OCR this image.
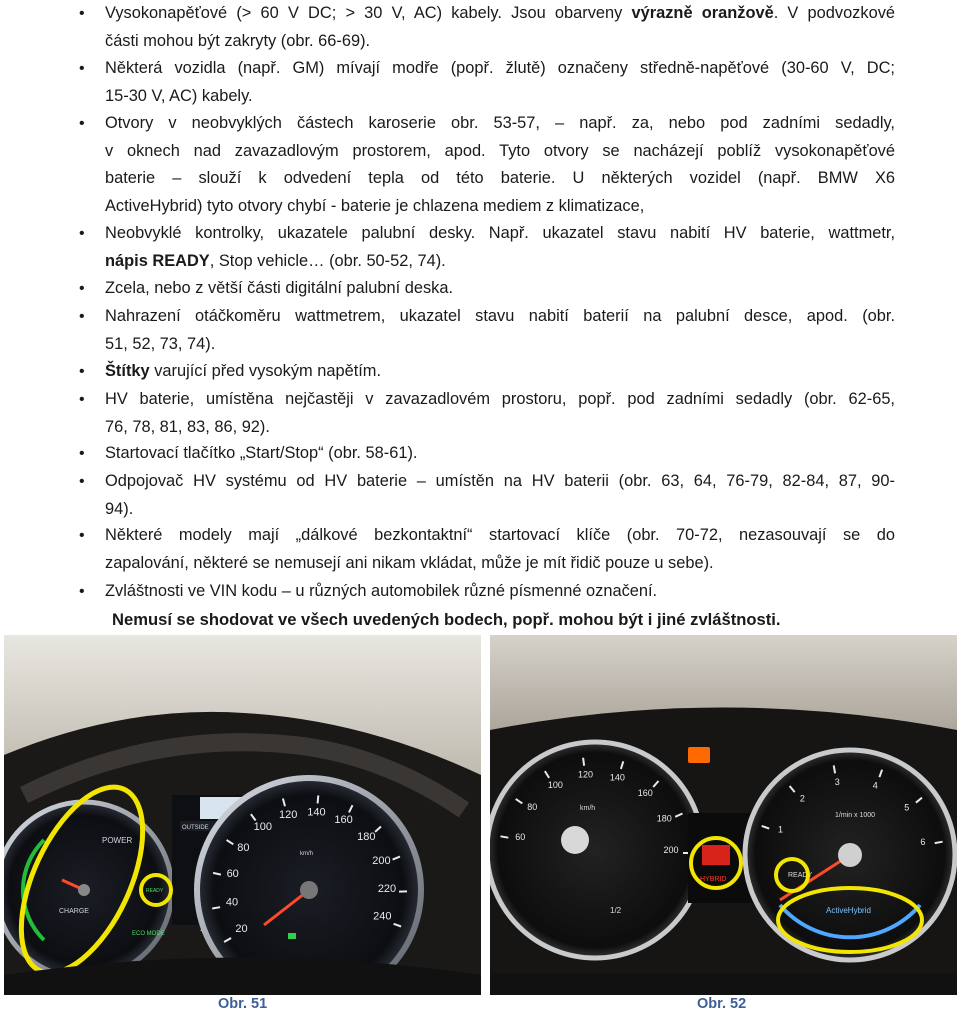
• Vysokonapěťové (> 60 V DC; > 30 V, AC) kabely. Jsou obarveny výrazně oranžově. V podvozkové
části mohou být zakryty (obr. 66-69).
• Některá vozidla (např. GM) mívají modře (popř. žlutě) označeny středně-napěťové (30-60 V, DC;
15-30 V, AC) kabely.
• Otvory v neobvyklých částech karoserie obr. 53-57, – např. za, nebo pod zadními sedadly,
v oknech nad zavazadlovým prostorem, apod. Tyto otvory se nacházejí poblíž vysokonapěťové
baterie – slouží k odvedení tepla od této baterie. U některých vozidel (např. BMW X6
ActiveHybrid) tyto otvory chybí - baterie je chlazena mediem z klimatizace,
• Neobvyklé kontrolky, ukazatele palubní desky. Např. ukazatel stavu nabití HV baterie, wattmetr,
nápis READY, Stop vehicle… (obr. 50-52, 74).
• Zcela, nebo z větší části digitální palubní deska.
• Nahrazení otáčkoměru wattmetrem, ukazatel stavu nabití baterií na palubní desce, apod. (obr.
51, 52, 73, 74).
• Štítky varující před vysokým napětím.
• HV baterie, umístěna nejčastěji v zavazadlovém prostoru, popř. pod zadními sedadly (obr. 62-65,
76, 78, 81, 83, 86, 92).
• Startovací tlačítko „Start/Stop“ (obr. 58-61).
• Odpojovač HV systému od HV baterie – umístěn na HV baterii (obr. 63, 64, 76-79, 82-84, 87, 90-
94).
• Některé modely mají „dálkové bezkontaktní“ startovací klíče (obr. 70-72, nezasouvají se do
zapalování, některé se nemusejí ani nikam vkládat, může je mít řidič pouze u sebe).
• Zvláštnosti ve VIN kodu – u různých automobilek různé písmenné označení.
Nemusí se shodovat ve všech uvedených bodech, popř. mohou být i jiné zvláštnosti.
POWER
CHARGE
ECO MODE
OUTSIDE
20
40
60
80
100
120 140
160
180
200
220
240
km/h
READY
60
80
100
120 140
160
180
200
km/h
1/2
HYBRID
1
2
3	4
5
6
1/min x 1000
READY
ActiveHybrid
Obr. 51	Obr. 52
